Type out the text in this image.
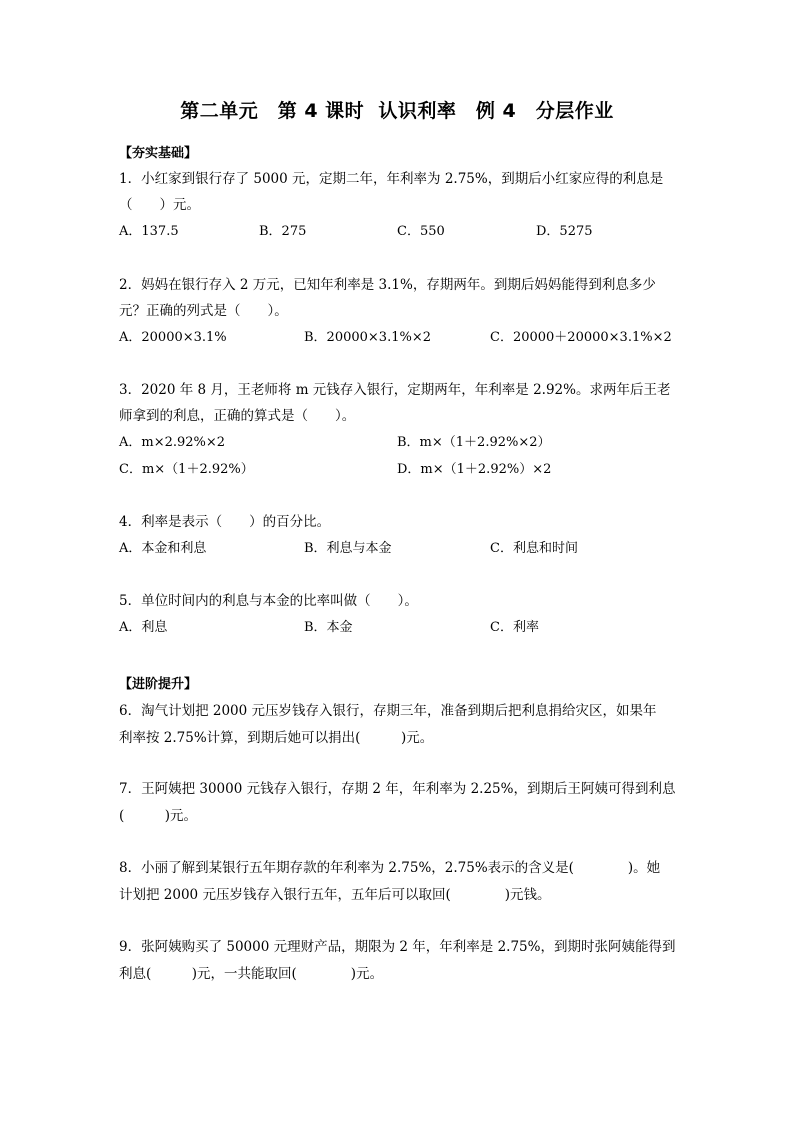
第二单元　第 4 课时  认识利率　例 4　分层作业
【夯实基础】
1．小红家到银行存了 5000 元，定期二年，年利率为 2.75%，到期后小红家应得的利息是
（　　）元。
A．137.5	B．275	C．550	D．5275
2．妈妈在银行存入 2 万元，已知年利率是 3.1%，存期两年。到期后妈妈能得到利息多少
元？正确的列式是（　　）。
A．20000×3.1%	B．20000×3.1%×2	C．20000＋20000×3.1%×2
3．2020 年 8 月，王老师将 m 元钱存入银行，定期两年，年利率是 2.92%。求两年后王老
师拿到的利息，正确的算式是（　　）。
A．m×2.92%×2	B．m×（1＋2.92%×2）
C．m×（1＋2.92%）	D．m×（1＋2.92%）×2
4．利率是表示（　　）的百分比。
A．本金和利息	B．利息与本金	C．利息和时间
5．单位时间内的利息与本金的比率叫做（　　）。
A．利息	B．本金	C．利率
【进阶提升】
6．淘气计划把 2000 元压岁钱存入银行，存期三年，准备到期后把利息捐给灾区，如果年
利率按 2.75%计算，到期后她可以捐出(　　　)元。
7．王阿姨把 30000 元钱存入银行，存期 2 年，年利率为 2.25%，到期后王阿姨可得到利息
(　　　)元。
8．小丽了解到某银行五年期存款的年利率为 2.75%，2.75%表示的含义是(　　　　)。她
计划把 2000 元压岁钱存入银行五年，五年后可以取回(　　　　)元钱。
9．张阿姨购买了 50000 元理财产品，期限为 2 年，年利率是 2.75%，到期时张阿姨能得到
利息(　　　)元，一共能取回(　　　　)元。
